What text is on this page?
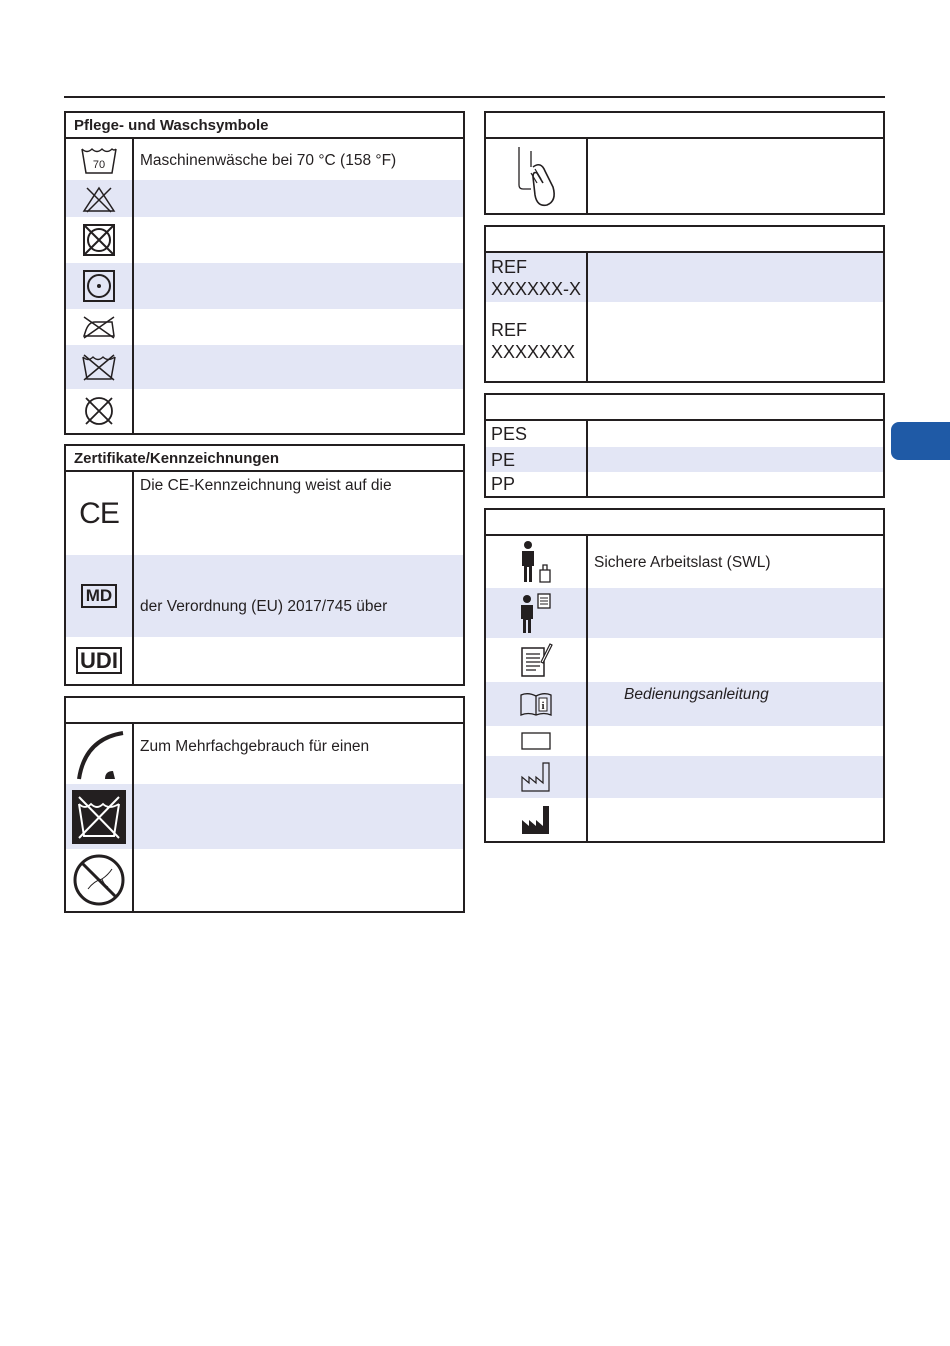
Pflege- und Waschsymbole
70	Maschinenwäsche bei 70 °C (158 °F)
Zertifikate/Kennzeichnungen
CE
Die CE-Kennzeichnung weist auf die
MD
der Verordnung (EU) 2017/745 über
UDI
Zum Mehrfachgebrauch für einen
REF
XXXXXX-X
REF
XXXXXXX
PES
PE
PP
Sichere Arbeitslast (SWL)
i
Bedienungsanleitung
